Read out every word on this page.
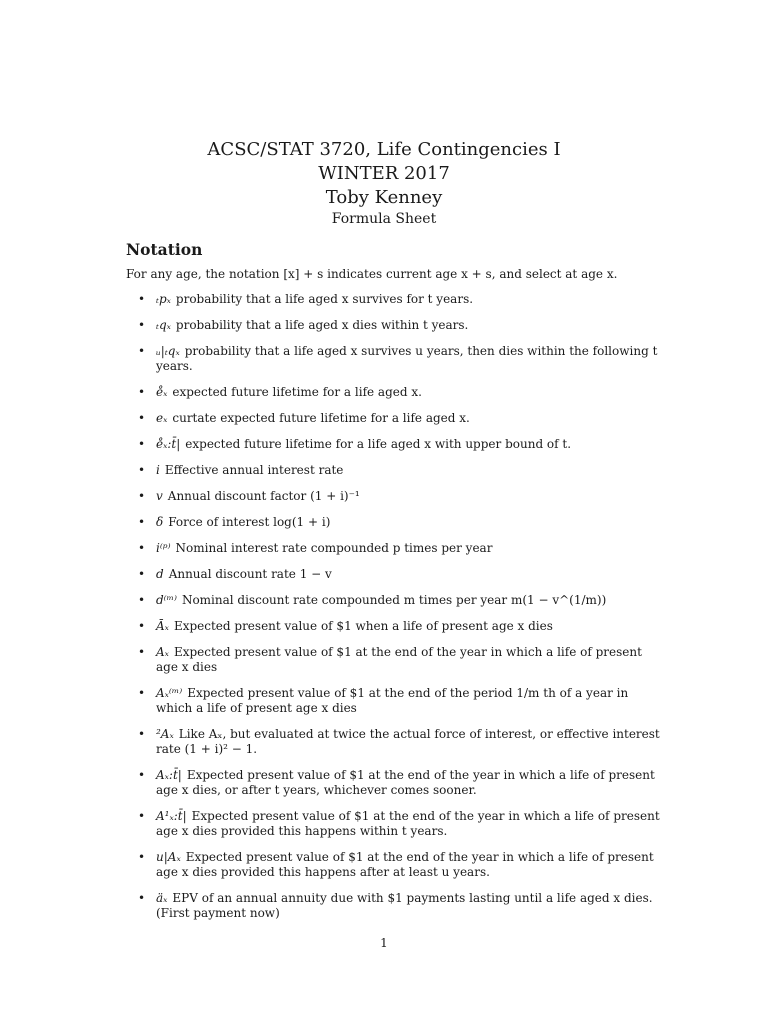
ACSC/STAT 3720, Life Contingencies I

WINTER 2017

Toby Kenney

Formula Sheet

Notation

For any age, the notation [x] + s indicates current age x + s, and select at age x.

• ₜpₓ probability that a life aged x survives for t years.
• ₜqₓ probability that a life aged x dies within t years.
• ᵤ|ₜqₓ probability that a life aged x survives u years, then dies within the following t years.
• e̊ₓ expected future lifetime for a life aged x.
• eₓ curtate expected future lifetime for a life aged x.
• e̊ₓ:t̄| expected future lifetime for a life aged x with upper bound of t.
• i Effective annual interest rate
• v Annual discount factor (1 + i)⁻¹
• δ Force of interest log(1 + i)
• i⁽ᵖ⁾ Nominal interest rate compounded p times per year
• d Annual discount rate 1 − v
• d⁽ᵐ⁾ Nominal discount rate compounded m times per year m(1 − v^(1/m))
• Āₓ Expected present value of $1 when a life of present age x dies
• Aₓ Expected present value of $1 at the end of the year in which a life of present age x dies
• Aₓ⁽ᵐ⁾ Expected present value of $1 at the end of the period 1/m th of a year in which a life of present age x dies
• ²Aₓ Like Aₓ, but evaluated at twice the actual force of interest, or effective interest rate (1 + i)² − 1.
• Aₓ:t̄| Expected present value of $1 at the end of the year in which a life of present age x dies, or after t years, whichever comes sooner.
• A¹ₓ:t̄| Expected present value of $1 at the end of the year in which a life of present age x dies provided this happens within t years.
• u|Aₓ Expected present value of $1 at the end of the year in which a life of present age x dies provided this happens after at least u years.
• äₓ EPV of an annual annuity due with $1 payments lasting until a life aged x dies. (First payment now)
1
